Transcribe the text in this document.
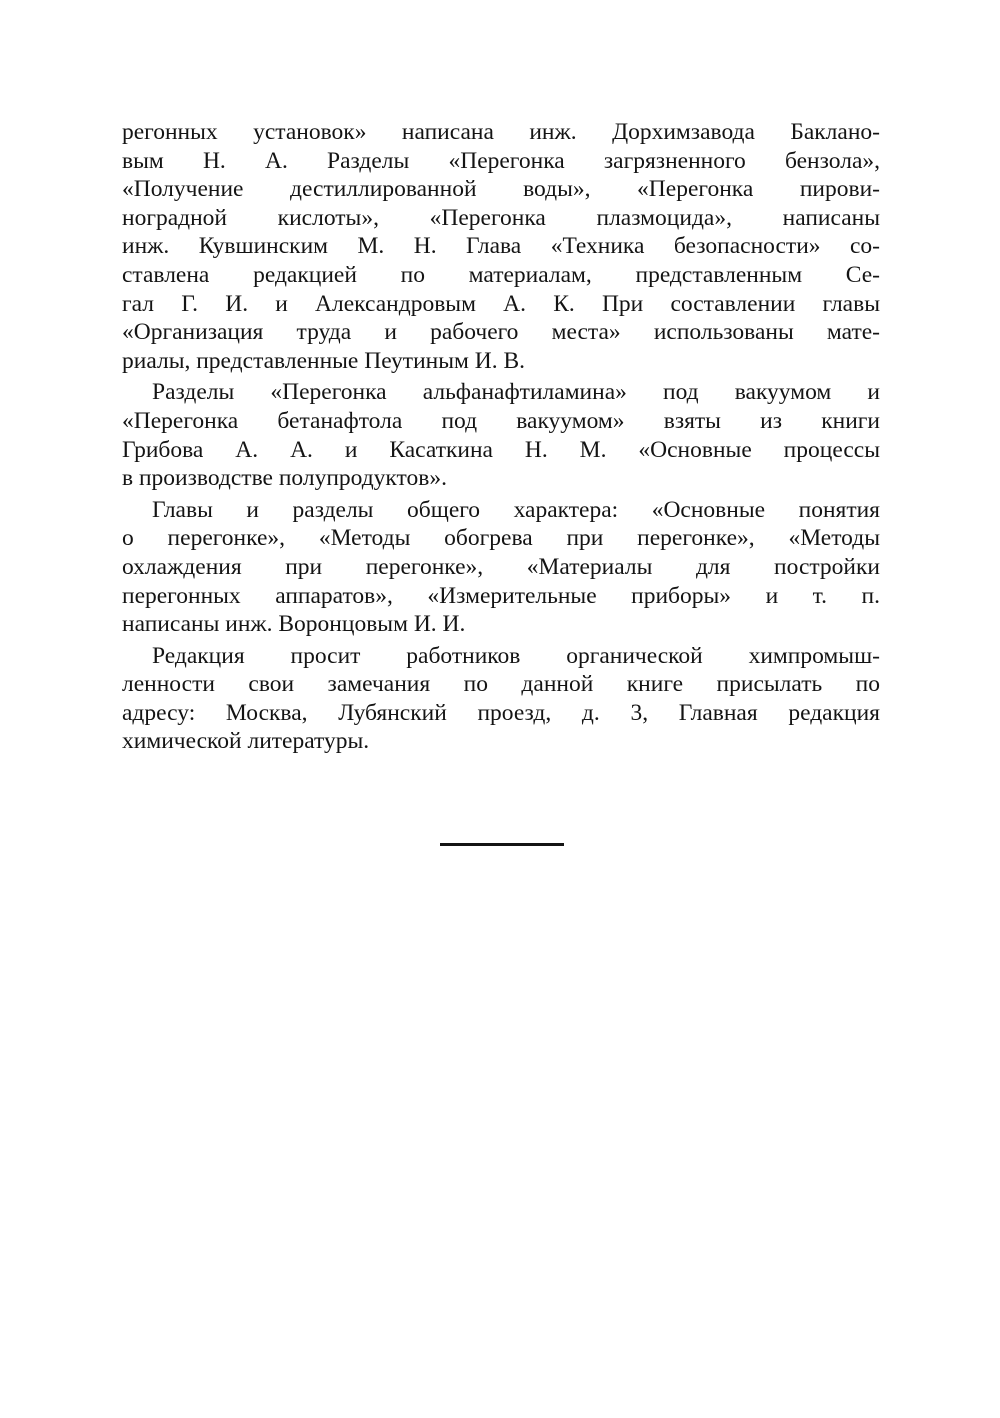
регонных установок» написана инж. Дорхимзавода Баклано-
вым Н. А. Разделы «Перегонка загрязненного бензола»,
«Получение дестиллированной воды», «Перегонка пирови-
ноградной кислоты», «Перегонка плазмоцида», написаны
инж. Кувшинским М. Н. Глава «Техника безопасности» со-
ставлена редакцией по материалам, представленным Се-
гал Г. И. и Александровым А. К. При составлении главы
«Организация труда и рабочего места» использованы мате-
риалы, представленные Пеутиным И. В.
Разделы «Перегонка альфанафтиламина» под вакуумом и
«Перегонка бетанафтола под вакуумом» взяты из книги
Грибова А. А. и Касаткина Н. М. «Основные процессы
в производстве полупродуктов».
Главы и разделы общего характера: «Основные понятия
о перегонке», «Методы обогрева при перегонке», «Методы
охлаждения при перегонке», «Материалы для постройки
перегонных аппаратов», «Измерительные приборы» и т. п.
написаны инж. Воронцовым И. И.
Редакция просит работников органической химпромыш-
ленности свои замечания по данной книге присылать по
адресу: Москва, Лубянский проезд, д. 3, Главная редакция
химической литературы.
